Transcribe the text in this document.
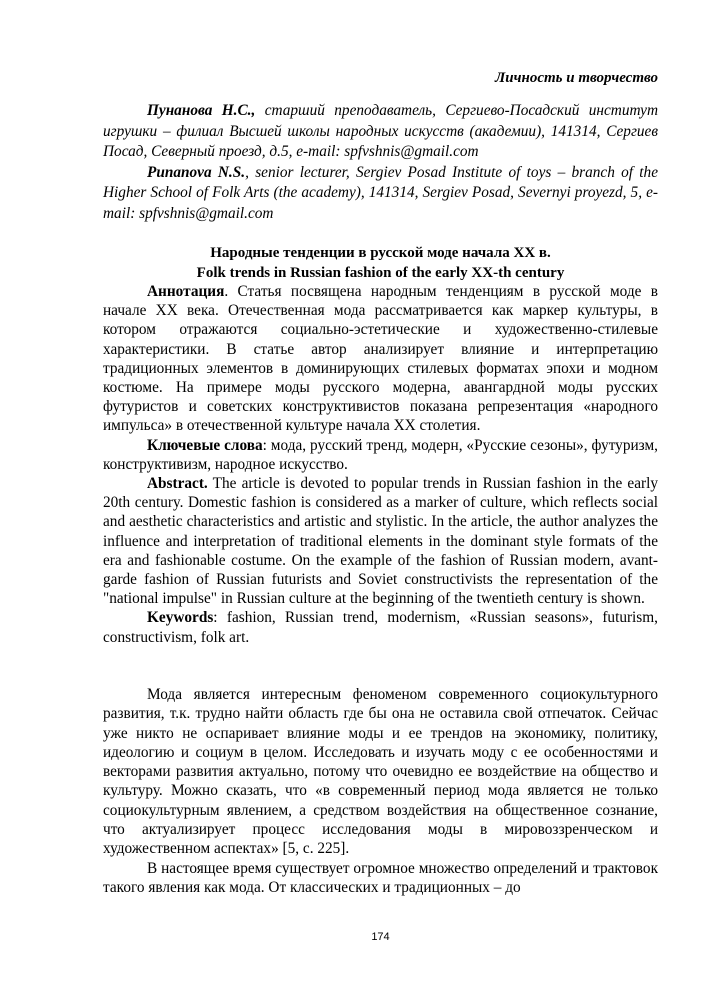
Личность и творчество

Пунанова Н.С., старший преподаватель, Сергиево-Посадский институт игрушки – филиал Высшей школы народных искусств (академии), 141314, Сергиев Посад, Северный проезд, д.5, e-mail: spfvshnis@gmail.com

Punanova N.S., senior lecturer, Sergiev Posad Institute of toys – branch of the Higher School of Folk Arts (the academy), 141314, Sergiev Posad, Severnyi proyezd, 5, e-mail: spfvshnis@gmail.com

Народные тенденции в русской моде начала XX в.
Folk trends in Russian fashion of the early XX-th century

Аннотация. Статья посвящена народным тенденциям в русской моде в начале XX века. Отечественная мода рассматривается как маркер культуры, в котором отражаются социально-эстетические и художественно-стилевые характеристики. В статье автор анализирует влияние и интерпретацию традиционных элементов в доминирующих стилевых форматах эпохи и модном костюме. На примере моды русского модерна, авангардной моды русских футуристов и советских конструктивистов показана репрезентация «народного импульса» в отечественной культуре начала XX столетия.

Ключевые слова: мода, русский тренд, модерн, «Русские сезоны», футуризм, конструктивизм, народное искусство.

Abstract. The article is devoted to popular trends in Russian fashion in the early 20th century. Domestic fashion is considered as a marker of culture, which reflects social and aesthetic characteristics and artistic and stylistic. In the article, the author analyzes the influence and interpretation of traditional elements in the dominant style formats of the era and fashionable costume. On the example of the fashion of Russian modern, avant-garde fashion of Russian futurists and Soviet constructivists the representation of the "national impulse" in Russian culture at the beginning of the twentieth century is shown.

Keywords: fashion, Russian trend, modernism, «Russian seasons», futurism, constructivism, folk art.

Мода является интересным феноменом современного социокультурного развития, т.к. трудно найти область где бы она не оставила свой отпечаток. Сейчас уже никто не оспаривает влияние моды и ее трендов на экономику, политику, идеологию и социум в целом. Исследовать и изучать моду с ее особенностями и векторами развития актуально, потому что очевидно ее воздействие на общество и культуру. Можно сказать, что «в современный период мода является не только социокультурным явлением, а средством воздействия на общественное сознание, что актуализирует процесс исследования моды в мировоззренческом и художественном аспектах» [5, с. 225].

В настоящее время существует огромное множество определений и трактовок такого явления как мода. От классических и традиционных – до

174
